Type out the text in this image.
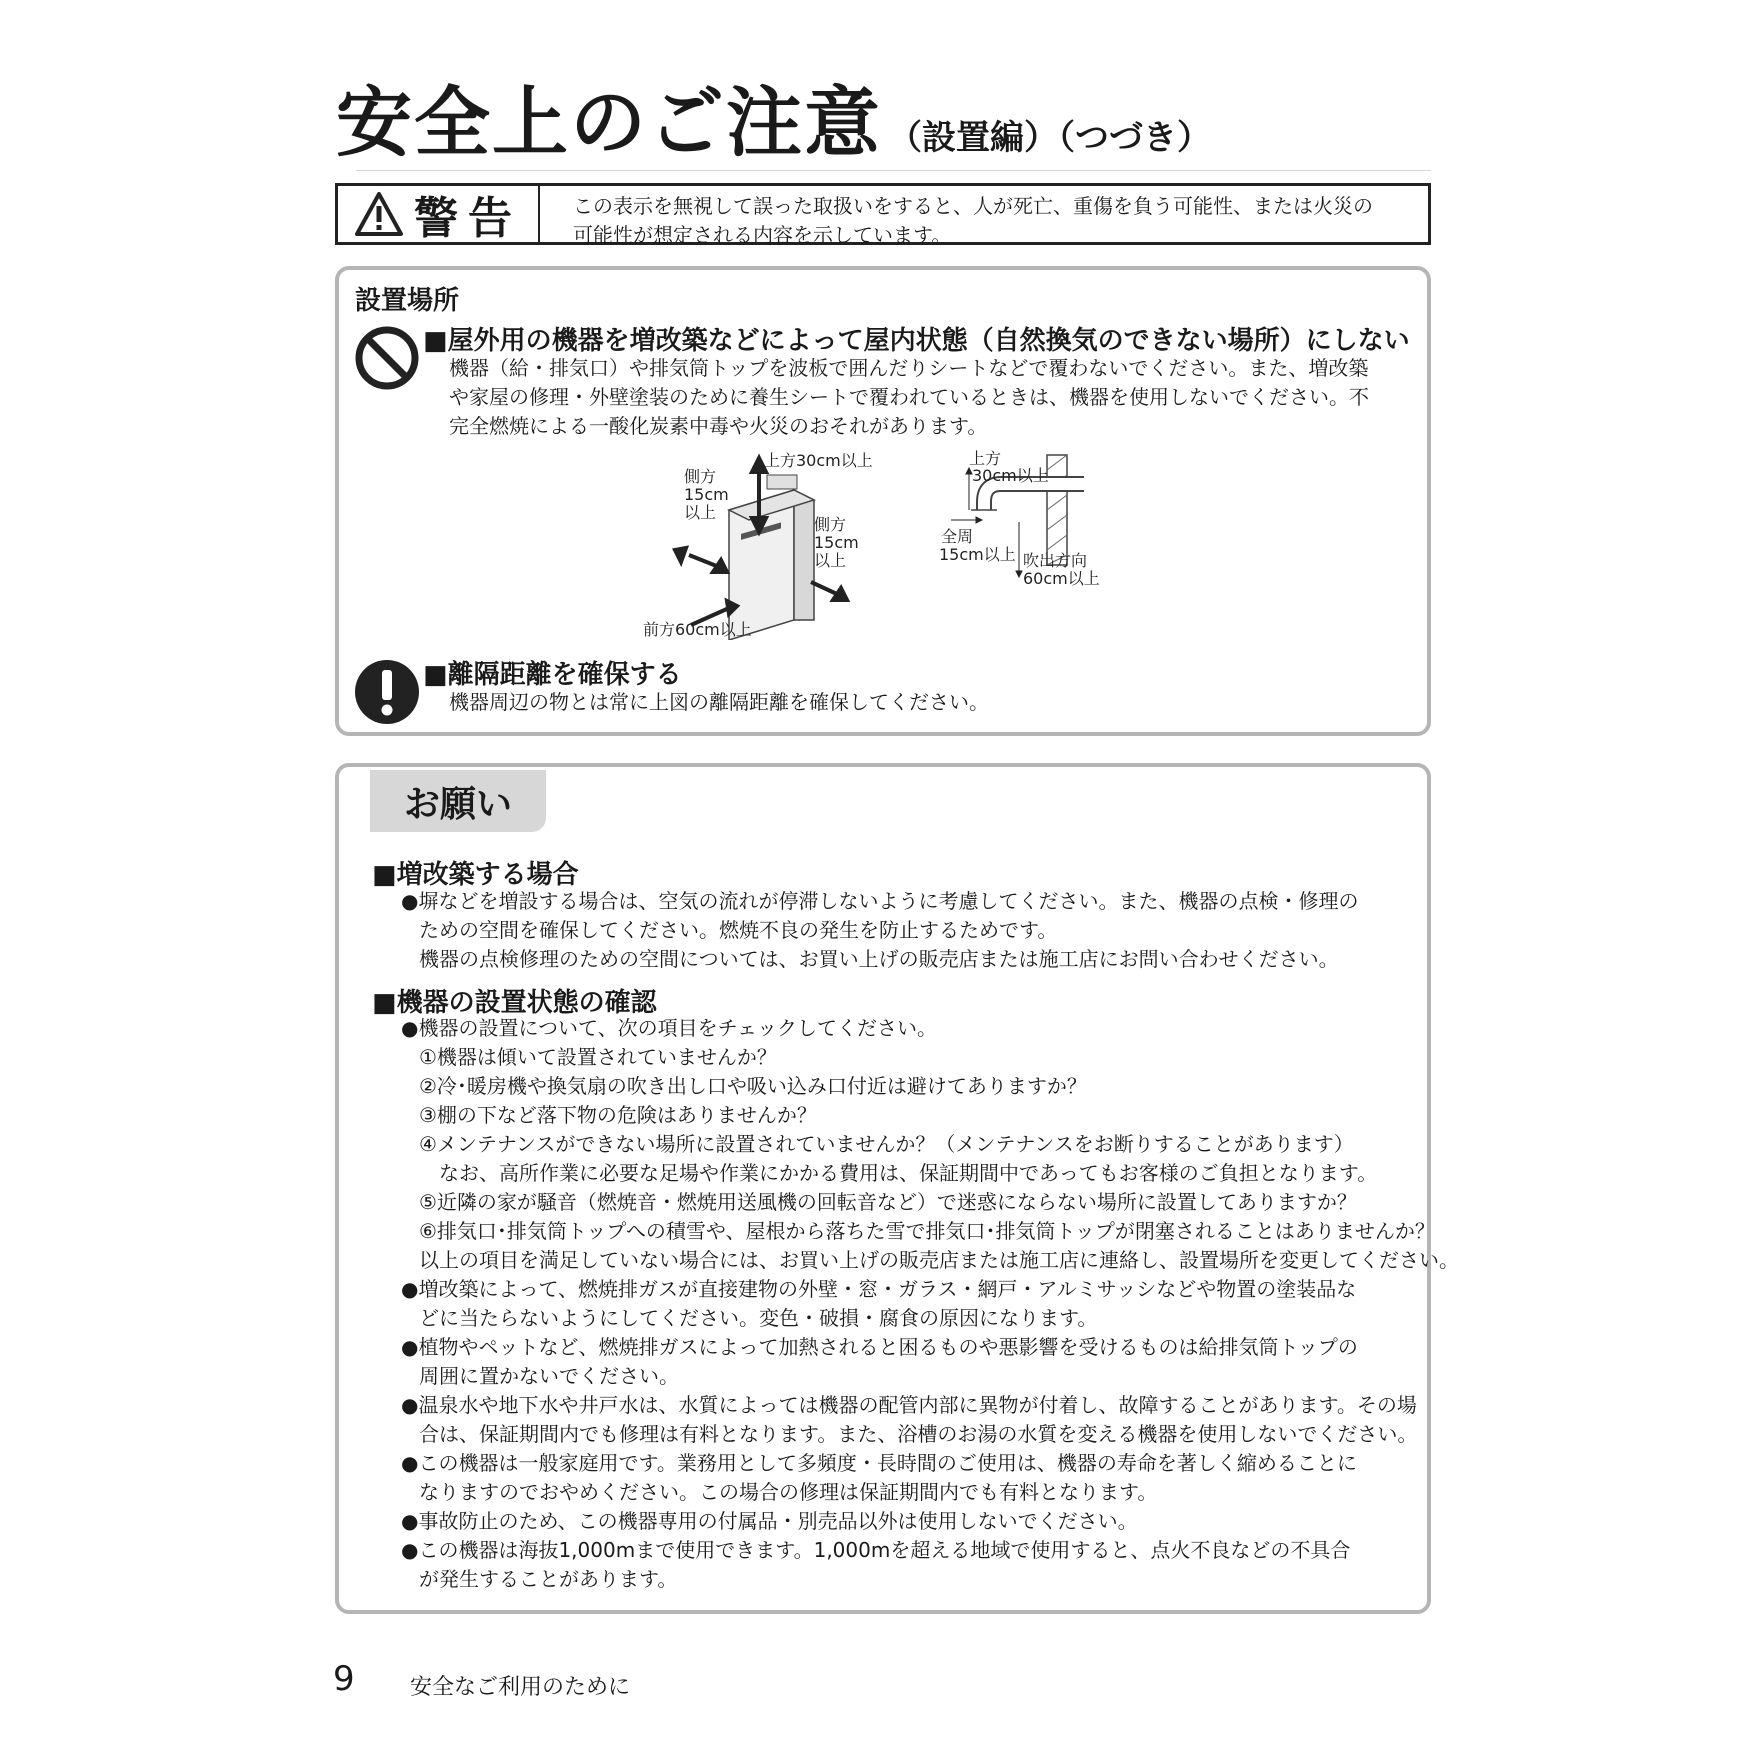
安全上のご注意 （設置編）（つづき）
警告	この表示を無視して誤った取扱いをすると、人が死亡、重傷を負う可能性、または火災の
可能性が想定される内容を示しています。
設置場所
■屋外用の機器を増改築などによって屋内状態（自然換気のできない場所）にしない
機器（給・排気口）や排気筒トップを波板で囲んだりシートなどで覆わないでください。また、増改築
や家屋の修理・外壁塗装のために養生シートで覆われているときは、機器を使用しないでください。不
完全燃焼による一酸化炭素中毒や火災のおそれがあります。
上方30cm以上
側方
15cm
以上
側方
15cm
以上
前方60cm以上
上方
30cm以上
全周
15cm以上 吹出方向
60cm以上
■離隔距離を確保する
機器周辺の物とは常に上図の離隔距離を確保してください。
お願い
■増改築する場合
●塀などを増設する場合は、空気の流れが停滞しないように考慮してください。また、機器の点検・修理の
ための空間を確保してください。燃焼不良の発生を防止するためです。
機器の点検修理のための空間については、お買い上げの販売店または施工店にお問い合わせください。
■機器の設置状態の確認
●機器の設置について、次の項目をチェックしてください。
①機器は傾いて設置されていませんか？
②冷･暖房機や換気扇の吹き出し口や吸い込み口付近は避けてありますか？
③棚の下など落下物の危険はありませんか？
④メンテナンスができない場所に設置されていませんか？（メンテナンスをお断りすることがあります）
　なお、高所作業に必要な足場や作業にかかる費用は、保証期間中であってもお客様のご負担となります。
⑤近隣の家が騒音（燃焼音・燃焼用送風機の回転音など）で迷惑にならない場所に設置してありますか？
⑥排気口･排気筒トップへの積雪や、屋根から落ちた雪で排気口･排気筒トップが閉塞されることはありませんか？
以上の項目を満足していない場合には、お買い上げの販売店または施工店に連絡し、設置場所を変更してください。
●増改築によって、燃焼排ガスが直接建物の外壁・窓・ガラス・網戸・アルミサッシなどや物置の塗装品な
どに当たらないようにしてください。変色・破損・腐食の原因になります。
●植物やペットなど、燃焼排ガスによって加熱されると困るものや悪影響を受けるものは給排気筒トップの
周囲に置かないでください。
●温泉水や地下水や井戸水は、水質によっては機器の配管内部に異物が付着し、故障することがあります。その場
合は、保証期間内でも修理は有料となります。また、浴槽のお湯の水質を変える機器を使用しないでください。
●この機器は一般家庭用です。業務用として多頻度・長時間のご使用は、機器の寿命を著しく縮めることに
なりますのでおやめください。この場合の修理は保証期間内でも有料となります。
●事故防止のため、この機器専用の付属品・別売品以外は使用しないでください。
●この機器は海抜1,000mまで使用できます。1,000mを超える地域で使用すると、点火不良などの不具合
が発生することがあります。
9	安全なご利用のために
